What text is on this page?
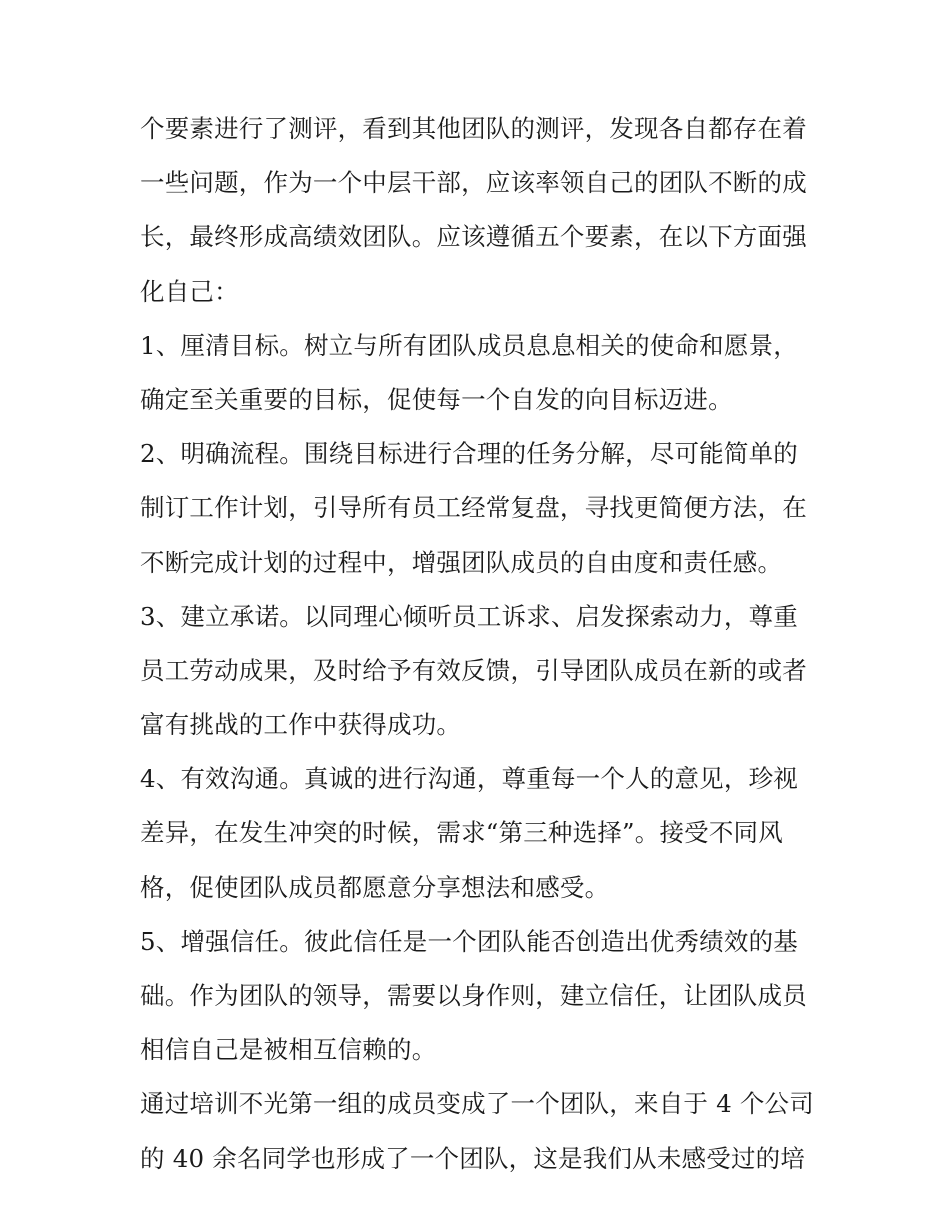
个要素进行了测评，看到其他团队的测评，发现各自都存在着
一些问题，作为一个中层干部，应该率领自己的团队不断的成
长，最终形成高绩效团队。应该遵循五个要素，在以下方面强
化自己：
1、厘清目标。树立与所有团队成员息息相关的使命和愿景，
确定至关重要的目标，促使每一个自发的向目标迈进。
2、明确流程。围绕目标进行合理的任务分解，尽可能简单的
制订工作计划，引导所有员工经常复盘，寻找更简便方法，在
不断完成计划的过程中，增强团队成员的自由度和责任感。
3、建立承诺。以同理心倾听员工诉求、启发探索动力，尊重
员工劳动成果，及时给予有效反馈，引导团队成员在新的或者
富有挑战的工作中获得成功。
4、有效沟通。真诚的进行沟通，尊重每一个人的意见，珍视
差异，在发生冲突的时候，需求“第三种选择”。接受不同风
格，促使团队成员都愿意分享想法和感受。
5、增强信任。彼此信任是一个团队能否创造出优秀绩效的基
础。作为团队的领导，需要以身作则，建立信任，让团队成员
相信自己是被相互信赖的。
通过培训不光第一组的成员变成了一个团队，来自于 4 个公司
的 40 余名同学也形成了一个团队，这是我们从未感受过的培
